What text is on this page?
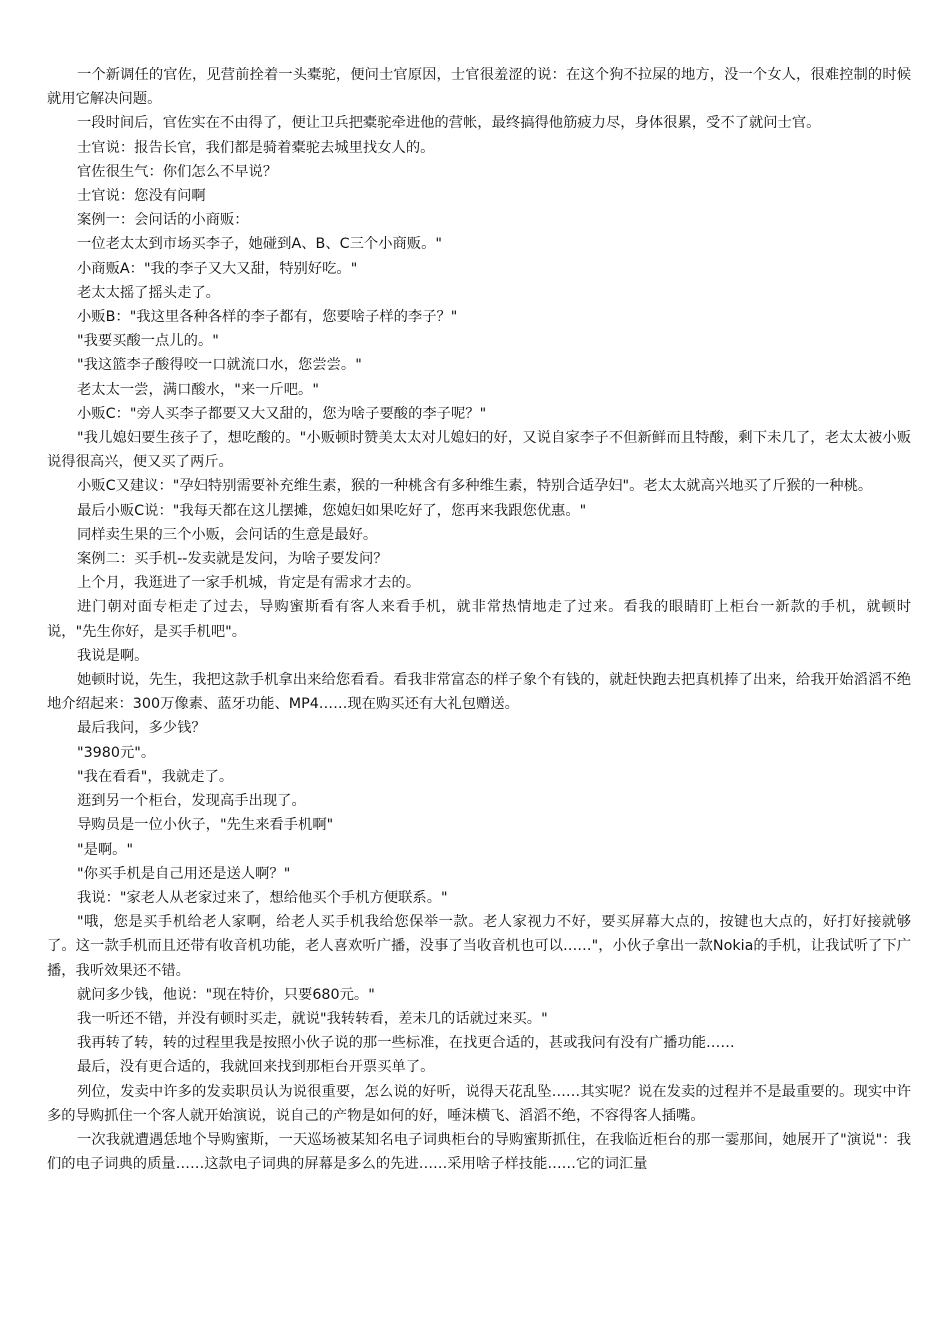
一个新调任的官佐，见营前拴着一头橐驼，便问士官原因，士官很羞涩的说：在这个狗不拉屎的地方，没一个女人，很难控制的时候就用它解决问题。

一段时间后，官佐实在不由得了，便让卫兵把橐驼牵进他的营帐，最终搞得他筋疲力尽，身体很累，受不了就问士官。

士官说：报告长官，我们都是骑着橐驼去城里找女人的。

官佐很生气：你们怎么不早说？

士官说：您没有问啊

案例一：会问话的小商贩：

一位老太太到市场买李子，她碰到A、B、C三个小商贩。"

小商贩A："我的李子又大又甜，特别好吃。"

老太太摇了摇头走了。

小贩B："我这里各种各样的李子都有，您要啥子样的李子？"

"我要买酸一点儿的。"

"我这篮李子酸得咬一口就流口水，您尝尝。"

老太太一尝，满口酸水，"来一斤吧。"

小贩C："旁人买李子都要又大又甜的，您为啥子要酸的李子呢？"

"我儿媳妇要生孩子了，想吃酸的。"小贩顿时赞美太太对儿媳妇的好，又说自家李子不但新鲜而且特酸，剩下未几了，老太太被小贩说得很高兴，便又买了两斤。

小贩C又建议："孕妇特别需要补充维生素，猴的一种桃含有多种维生素，特别合适孕妇"。老太太就高兴地买了斤猴的一种桃。

最后小贩C说："我每天都在这儿摆摊，您媳妇如果吃好了，您再来我跟您优惠。"

同样卖生果的三个小贩，会问话的生意是最好。

案例二：买手机--发卖就是发问，为啥子要发问？

上个月，我逛进了一家手机城，肯定是有需求才去的。

进门朝对面专柜走了过去，导购蜜斯看有客人来看手机，就非常热情地走了过来。看我的眼睛盯上柜台一新款的手机，就顿时说，"先生你好，是买手机吧"。

我说是啊。

她顿时说，先生，我把这款手机拿出来给您看看。看我非常富态的样子象个有钱的，就赶快跑去把真机捧了出来，给我开始滔滔不绝地介绍起来：300万像素、蓝牙功能、MP4……现在购买还有大礼包赠送。

最后我问，多少钱？

"3980元"。

"我在看看"，我就走了。

逛到另一个柜台，发现高手出现了。

导购员是一位小伙子，"先生来看手机啊"

"是啊。"

"你买手机是自己用还是送人啊？"

我说："家老人从老家过来了，想给他买个手机方便联系。"

"哦，您是买手机给老人家啊，给老人买手机我给您保举一款。老人家视力不好，要买屏幕大点的，按键也大点的，好打好接就够了。这一款手机而且还带有收音机功能，老人喜欢听广播，没事了当收音机也可以……"，小伙子拿出一款Nokia的手机，让我试听了下广播，我听效果还不错。

就问多少钱，他说："现在特价，只要680元。"

我一听还不错，并没有顿时买走，就说"我转转看，差未几的话就过来买。"

我再转了转，转的过程里我是按照小伙子说的那一些标准，在找更合适的，甚或我问有没有广播功能……

最后，没有更合适的，我就回来找到那柜台开票买单了。

列位，发卖中许多的发卖职员认为说很重要，怎么说的好听，说得天花乱坠……其实呢？说在发卖的过程并不是最重要的。现实中许多的导购抓住一个客人就开始演说，说自己的产物是如何的好，唾沫横飞、滔滔不绝，不容得客人插嘴。

一次我就遭遇恁地个导购蜜斯，一天巡场被某知名电子词典柜台的导购蜜斯抓住，在我临近柜台的那一霎那间，她展开了"演说"：我们的电子词典的质量……这款电子词典的屏幕是多么的先进……采用啥子样技能……它的词汇量
